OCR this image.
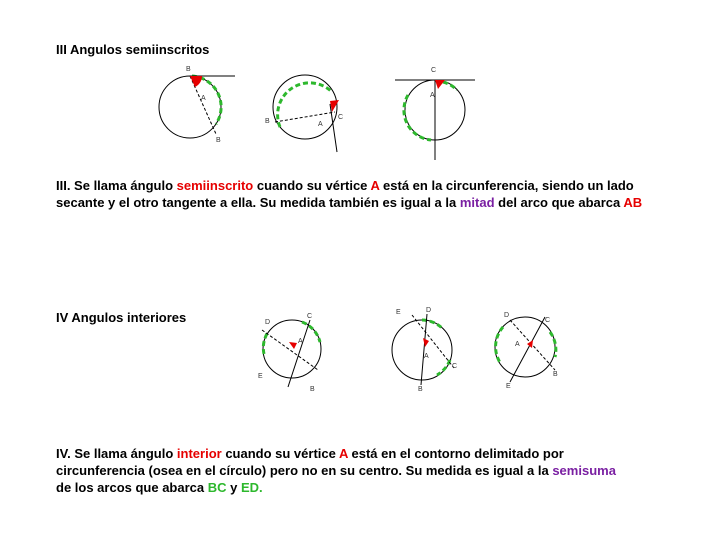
III Angulos semiinscritos
B
A
B
B
C
A
C
A

III. Se llama ángulo semiinscrito cuando su vértice A está en la circunferencia, siendo un lado secante y el otro tangente a ella. Su medida también es igual a la mitad del arco que abarca AB

IV Angulos interiores	D
C
A
E
B
E	D
A
C
B
D
C
A
B
E

IV. Se llama ángulo interior cuando su vértice A está en el contorno delimitado por circunferencia (osea en el círculo) pero no en su centro. Su medida es igual a la semisuma de los arcos que abarca BC y ED.
